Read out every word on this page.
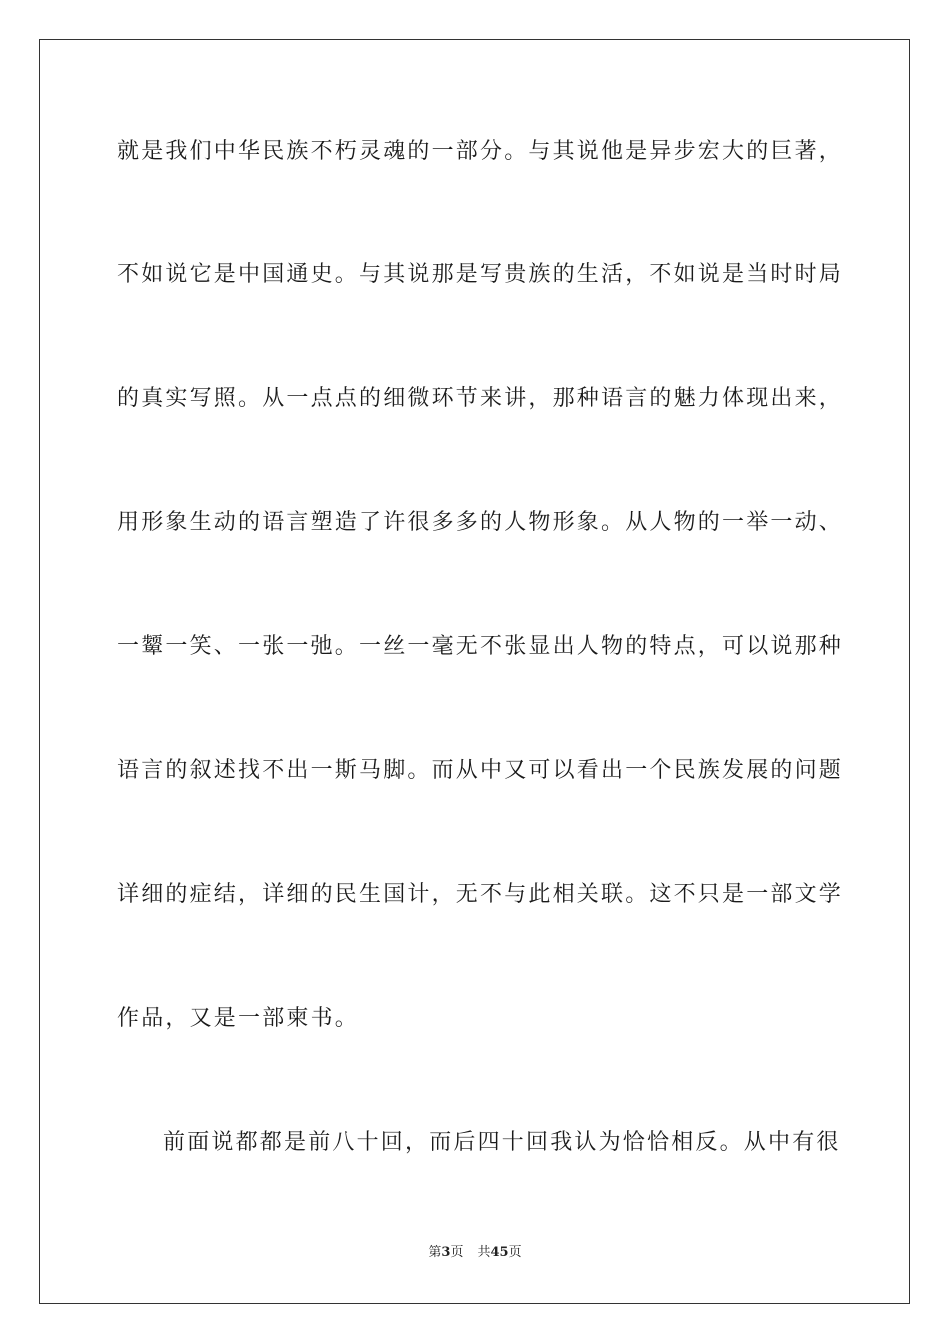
就是我们中华民族不朽灵魂的一部分。与其说他是异步宏大的巨著，
不如说它是中国通史。与其说那是写贵族的生活，不如说是当时时局
的真实写照。从一点点的细微环节来讲，那种语言的魅力体现出来，
用形象生动的语言塑造了许很多多的人物形象。从人物的一举一动、
一颦一笑、一张一弛。一丝一毫无不张显出人物的特点，可以说那种
语言的叙述找不出一斯马脚。而从中又可以看出一个民族发展的问题
详细的症结，详细的民生国计，无不与此相关联。这不只是一部文学
作品，又是一部柬书。
前面说都都是前八十回，而后四十回我认为恰恰相反。从中有很
第3页 共45页
